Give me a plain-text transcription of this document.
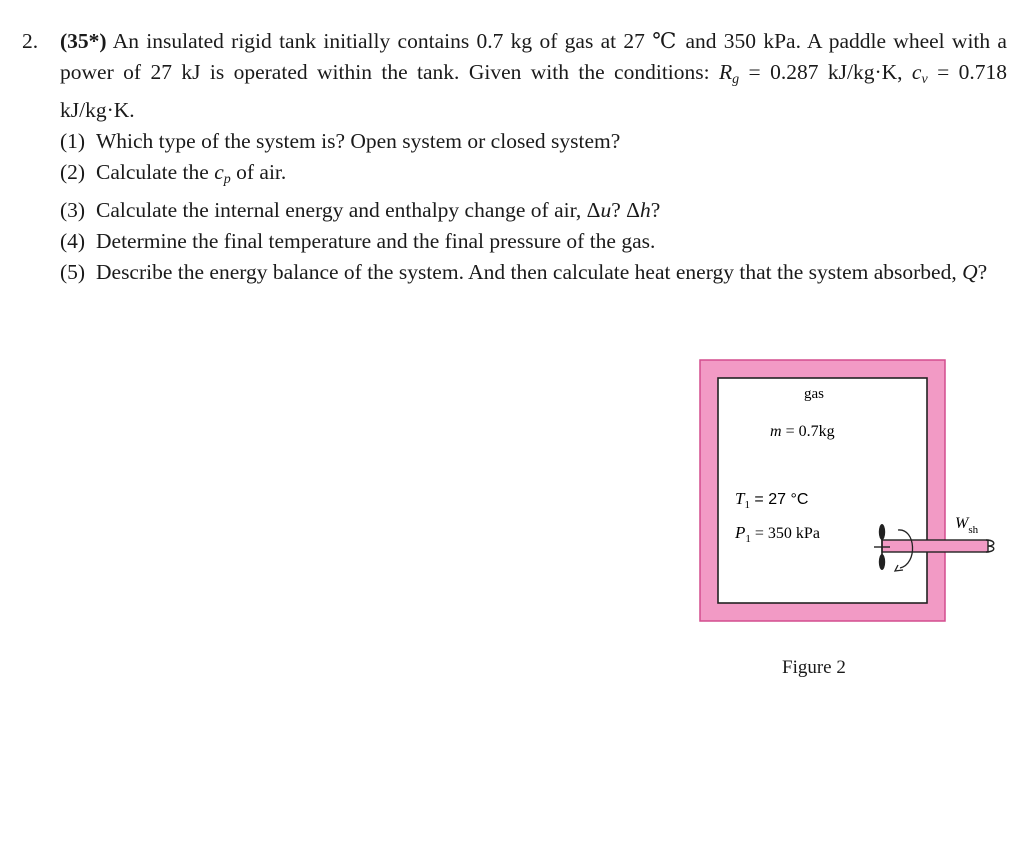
2. (35*) An insulated rigid tank initially contains 0.7 kg of gas at 27 ℃ and 350 kPa. A paddle wheel with a power of 27 kJ is operated within the tank. Given with the conditions: $R_g = 0.287$ kJ/kg·K, $c_v = 0.718$ kJ/kg·K.
(1) Which type of the system is? Open system or closed system?
(2) Calculate the $c_p$ of air.
(3) Calculate the internal energy and enthalpy change of air, Δu? Δh?
(4) Determine the final temperature and the final pressure of the gas.
(5) Describe the energy balance of the system. And then calculate heat energy that the system absorbed, Q?
gas
m = 0.7kg
$T_1 = 27$ °C
$P_1 = 350$ kPa
$W_{sh}$
Figure 2
